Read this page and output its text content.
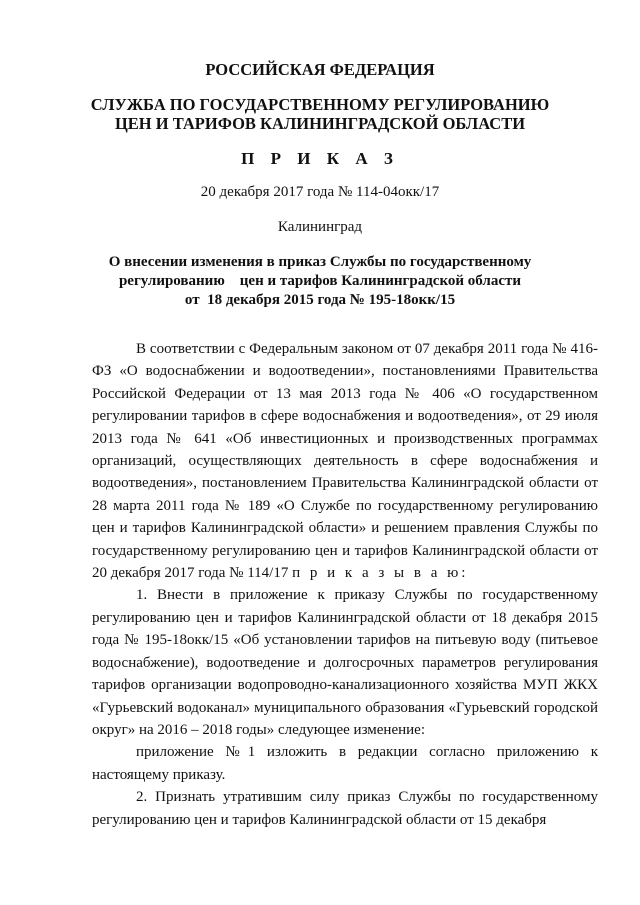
РОССИЙСКАЯ ФЕДЕРАЦИЯ

СЛУЖБА ПО ГОСУДАРСТВЕННОМУ РЕГУЛИРОВАНИЮ

ЦЕН И ТАРИФОВ КАЛИНИНГРАДСКОЙ ОБЛАСТИ

П Р И К А З

20 декабря 2017 года № 114-04окк/17

Калининград

О внесении изменения в приказ Службы по государственному
регулированию    цен и тарифов Калининградской области
от  18 декабря 2015 года № 195-18окк/15

В соответствии с Федеральным законом от 07 декабря 2011 года № 416-ФЗ «О водоснабжении и водоотведении», постановлениями Правительства Российской Федерации от 13 мая 2013 года № 406 «О государственном регулировании тарифов в сфере водоснабжения и водоотведения», от 29 июля 2013 года № 641 «Об инвестиционных и производственных программах организаций, осуществляющих деятельность в сфере водоснабжения и водоотведения», постановлением Правительства Калининградской области от 28 марта 2011 года № 189 «О Службе по государственному регулированию цен и тарифов Калининградской области» и решением правления Службы по государственному регулированию цен и тарифов Калининградской области от 20 декабря 2017 года № 114/17 п р и к а з ы в а ю:

1. Внести в приложение к приказу Службы по государственному регулированию цен и тарифов Калининградской области от 18 декабря 2015 года № 195-18окк/15 «Об установлении тарифов на питьевую воду (питьевое водоснабжение), водоотведение и долгосрочных параметров регулирования тарифов организации водопроводно-канализационного хозяйства МУП ЖКХ «Гурьевский водоканал» муниципального образования «Гурьевский городской округ» на 2016 – 2018 годы» следующее изменение:

приложение №1 изложить в редакции согласно приложению к настоящему приказу.

2. Признать утратившим силу приказ Службы по государственному регулированию цен и тарифов Калининградской области от 15 декабря
